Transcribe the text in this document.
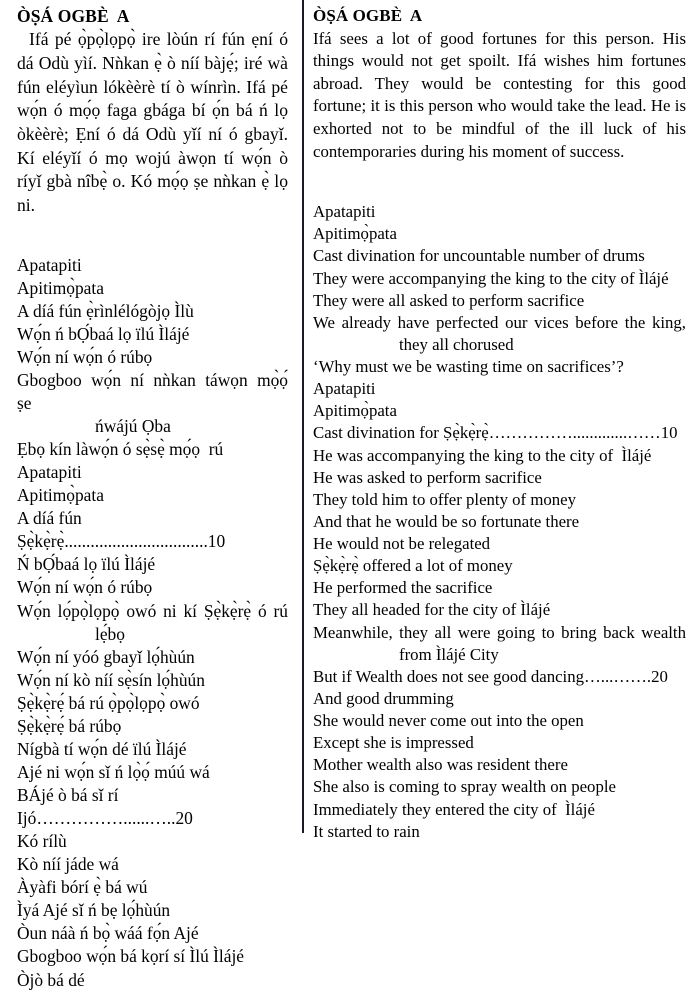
ÒṢÁ OGBÈ  A

Ifá pé ọ̀pọ̀lọpọ̀ ire lòún rí fún ẹní ó dá Odù yìí. Nǹkan ẹ̀ ò níí bàjẹ́; iré wà fún eléyìun lókèèrè tí ò wínrìn. Ifá pé wọ́n ó mọ́ọ faga gbága bí ọ́n bá ń lọ òkèèrè; Ẹní ó dá Odù yǐí ní ó gbayǐ. Kí eléyǐí ó mọ wojú àwọn tí wọ́n ò ríyǐ gbà nîbẹ̀ o. Kó mọ́ọ ṣe nǹkan ẹ̀ lọ ni.

Apatapiti
Apitimọ̀pata
A díá fún ẹ̀rìnlélógòjọ Ìlù
Wọ́n ń bỌ́baá lọ ïlú Ìlájé
Wọ́n ní wọ́n ó rúbọ
Gbogboo wọ́n ní nǹkan táwọn mọ̀ọ́   ṣe
ńwájú Ọba
Ẹbọ kín làwọ́n ó sẹ̀sẹ̀ mọ́ọ  rú
Apatapiti
Apitimọ̀pata
A díá fún Ṣẹ̀kẹ̀rẹ̀.................................10
Ń bỌ́baá lọ ïlú Ìlájé
Wọ́n ní wọ́n ó rúbọ
Wọ́n lọ́pọ̀lọpọ̀ owó ni kí Ṣẹ̀kẹ̀rẹ̀ ó rú
lẹ́bọ
Wọ́n ní yóó gbayǐ lọ́hùún
Wọ́n ní kò níí sẹ̀sín lọ́hùún
Ṣẹ̀kẹ̀rẹ́ bá rú ọ̀pọ̀lọpọ̀ owó
Ṣẹ̀kẹ̀rẹ́ bá rúbọ
Nígbà tí wọ́n dé ïlú Ìlájé
Ajé ni wọ́n sǐ ń lọ̀ọ́ múú wá
BÁjé ò bá sǐ rí Ijó……………......…..20
Kó rílù
Kò níí jáde wá
Àyàfi bórí ẹ̀ bá wú
Ìyá Ajé sǐ ń bẹ lọ́hùún
Òun náà ń bọ̀ wáá fọ́n Ajé
Gbogboo wọ́n bá kọrí sí Ìlú Ìlájé
Òjò bá dé
ÒṢÁ OGBÈ  A

Ifá sees a lot of good fortunes for this person. His things would not get spoilt. Ifá wishes him fortunes abroad. They would be contesting for this good fortune; it is this person who would take the lead. He is exhorted not to be mindful of the ill luck of his contemporaries during his moment of success.

Apatapiti
Apitimọ̀pata
Cast divination for uncountable number of drums
They were accompanying the king to the city of Ìlájé
They were all asked to perform sacrifice
We already have perfected our vices before the king,
they all chorused
‘Why must we be wasting time on sacrifices’?
Apatapiti
Apitimọ̀pata
Cast divination for Ṣẹ̀kẹ̀rẹ̀…………….............……10
He was accompanying the king to the city of  Ìlájé
He was asked to perform sacrifice
They told him to offer plenty of money
And that he would be so fortunate there
He would not be relegated
Ṣẹ̀kẹ̀rẹ̀ offered a lot of money
He performed the sacrifice
They all headed for the city of Ìlájé
Meanwhile, they all were going to bring back wealth
from Ìlájé City
But if Wealth does not see good dancing…...…….20
And good drumming
She would never come out into the open
Except she is impressed
Mother wealth also was resident there
She also is coming to spray wealth on people
Immediately they entered the city of  Ìlájé
It started to rain
